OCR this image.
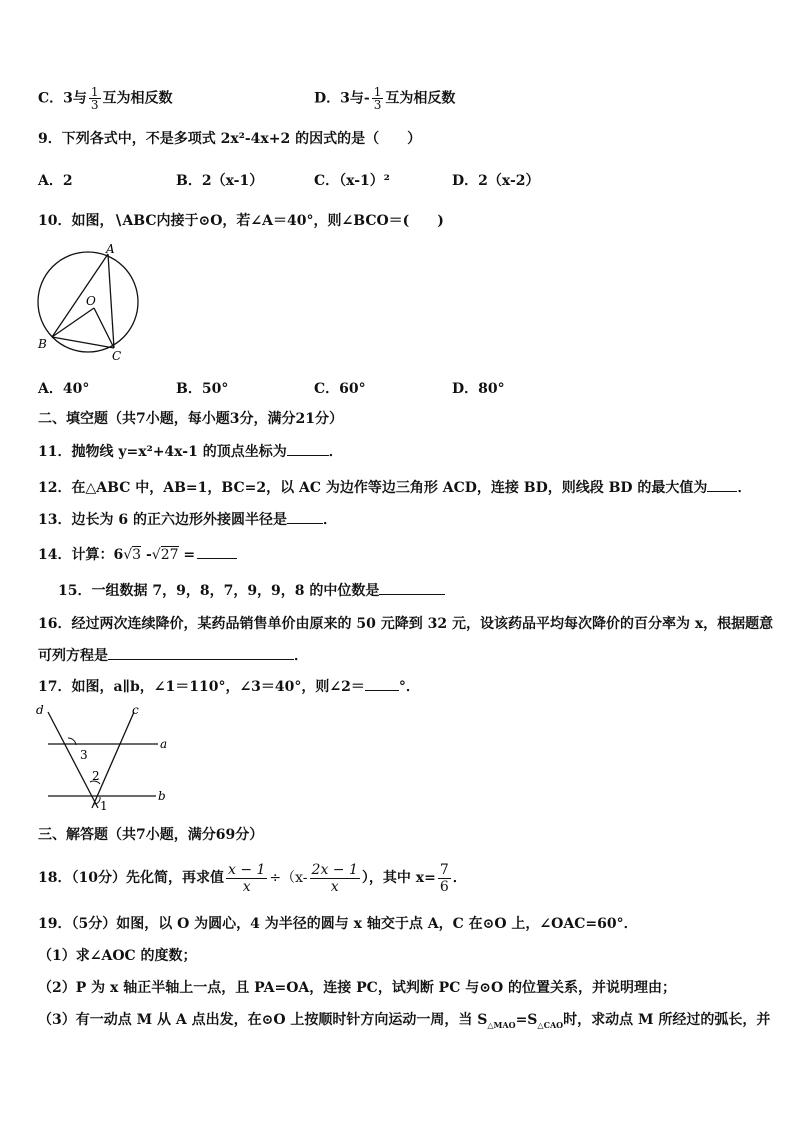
C．3与 $\frac{1}{3}$ 互为相反数	D．3与- $\frac{1}{3}$ 互为相反数
9．下列各式中，不是多项式 2x²-4x+2 的因式的是（　　）
A．2	B．2（x-1）	C．（x-1）²	D．2（x-2）
10．如图，∖ABC内接于⊙O，若∠A＝40°，则∠BCO＝(　　)
A
O
B
C
A．40°	B．50°	C．60°	D．80°
二、填空题（共7小题，每小题3分，满分21分）
11．抛物线 y=x²+4x-1 的顶点坐标为	．
12．在△ABC 中，AB=1，BC=2，以 AC 为边作等边三角形 ACD，连接 BD，则线段 BD 的最大值为 ．
13．边长为 6 的正六边形外接圆半径是	．
14．计算：6√3 -√27 =
15．一组数据 7，9，8，7，9，9，8 的中位数是
16．经过两次连续降价，某药品销售单价由原来的 50 元降到 32 元，设该药品平均每次降价的百分率为 x，根据题意
可列方程是	．
17．如图，a∥b，∠1＝110°，∠3＝40°，则∠2＝ °．
d	c
a
b
3
2
1
三、解答题（共7小题，满分69分）
18．（10分）先化简，再求值 $\frac{x - 1}{x} \div(x- \frac{2x - 1}{x}$ ），其中 $x= \frac{7}{6}$ ．
19．（5分）如图，以 O 为圆心，4 为半径的圆与 x 轴交于点 A，C 在⊙O 上，∠OAC=60°．
（1）求∠AOC 的度数；
（2）P 为 x 轴正半轴上一点，且 PA=OA，连接 PC，试判断 PC 与⊙O 的位置关系，并说明理由；
（3）有一动点 M 从 A 点出发，在⊙O 上按顺时针方向运动一周，当 $S_{\triangle MAO}=S_{\triangle CAO}$时，求动点 M 所经过的弧长，并
